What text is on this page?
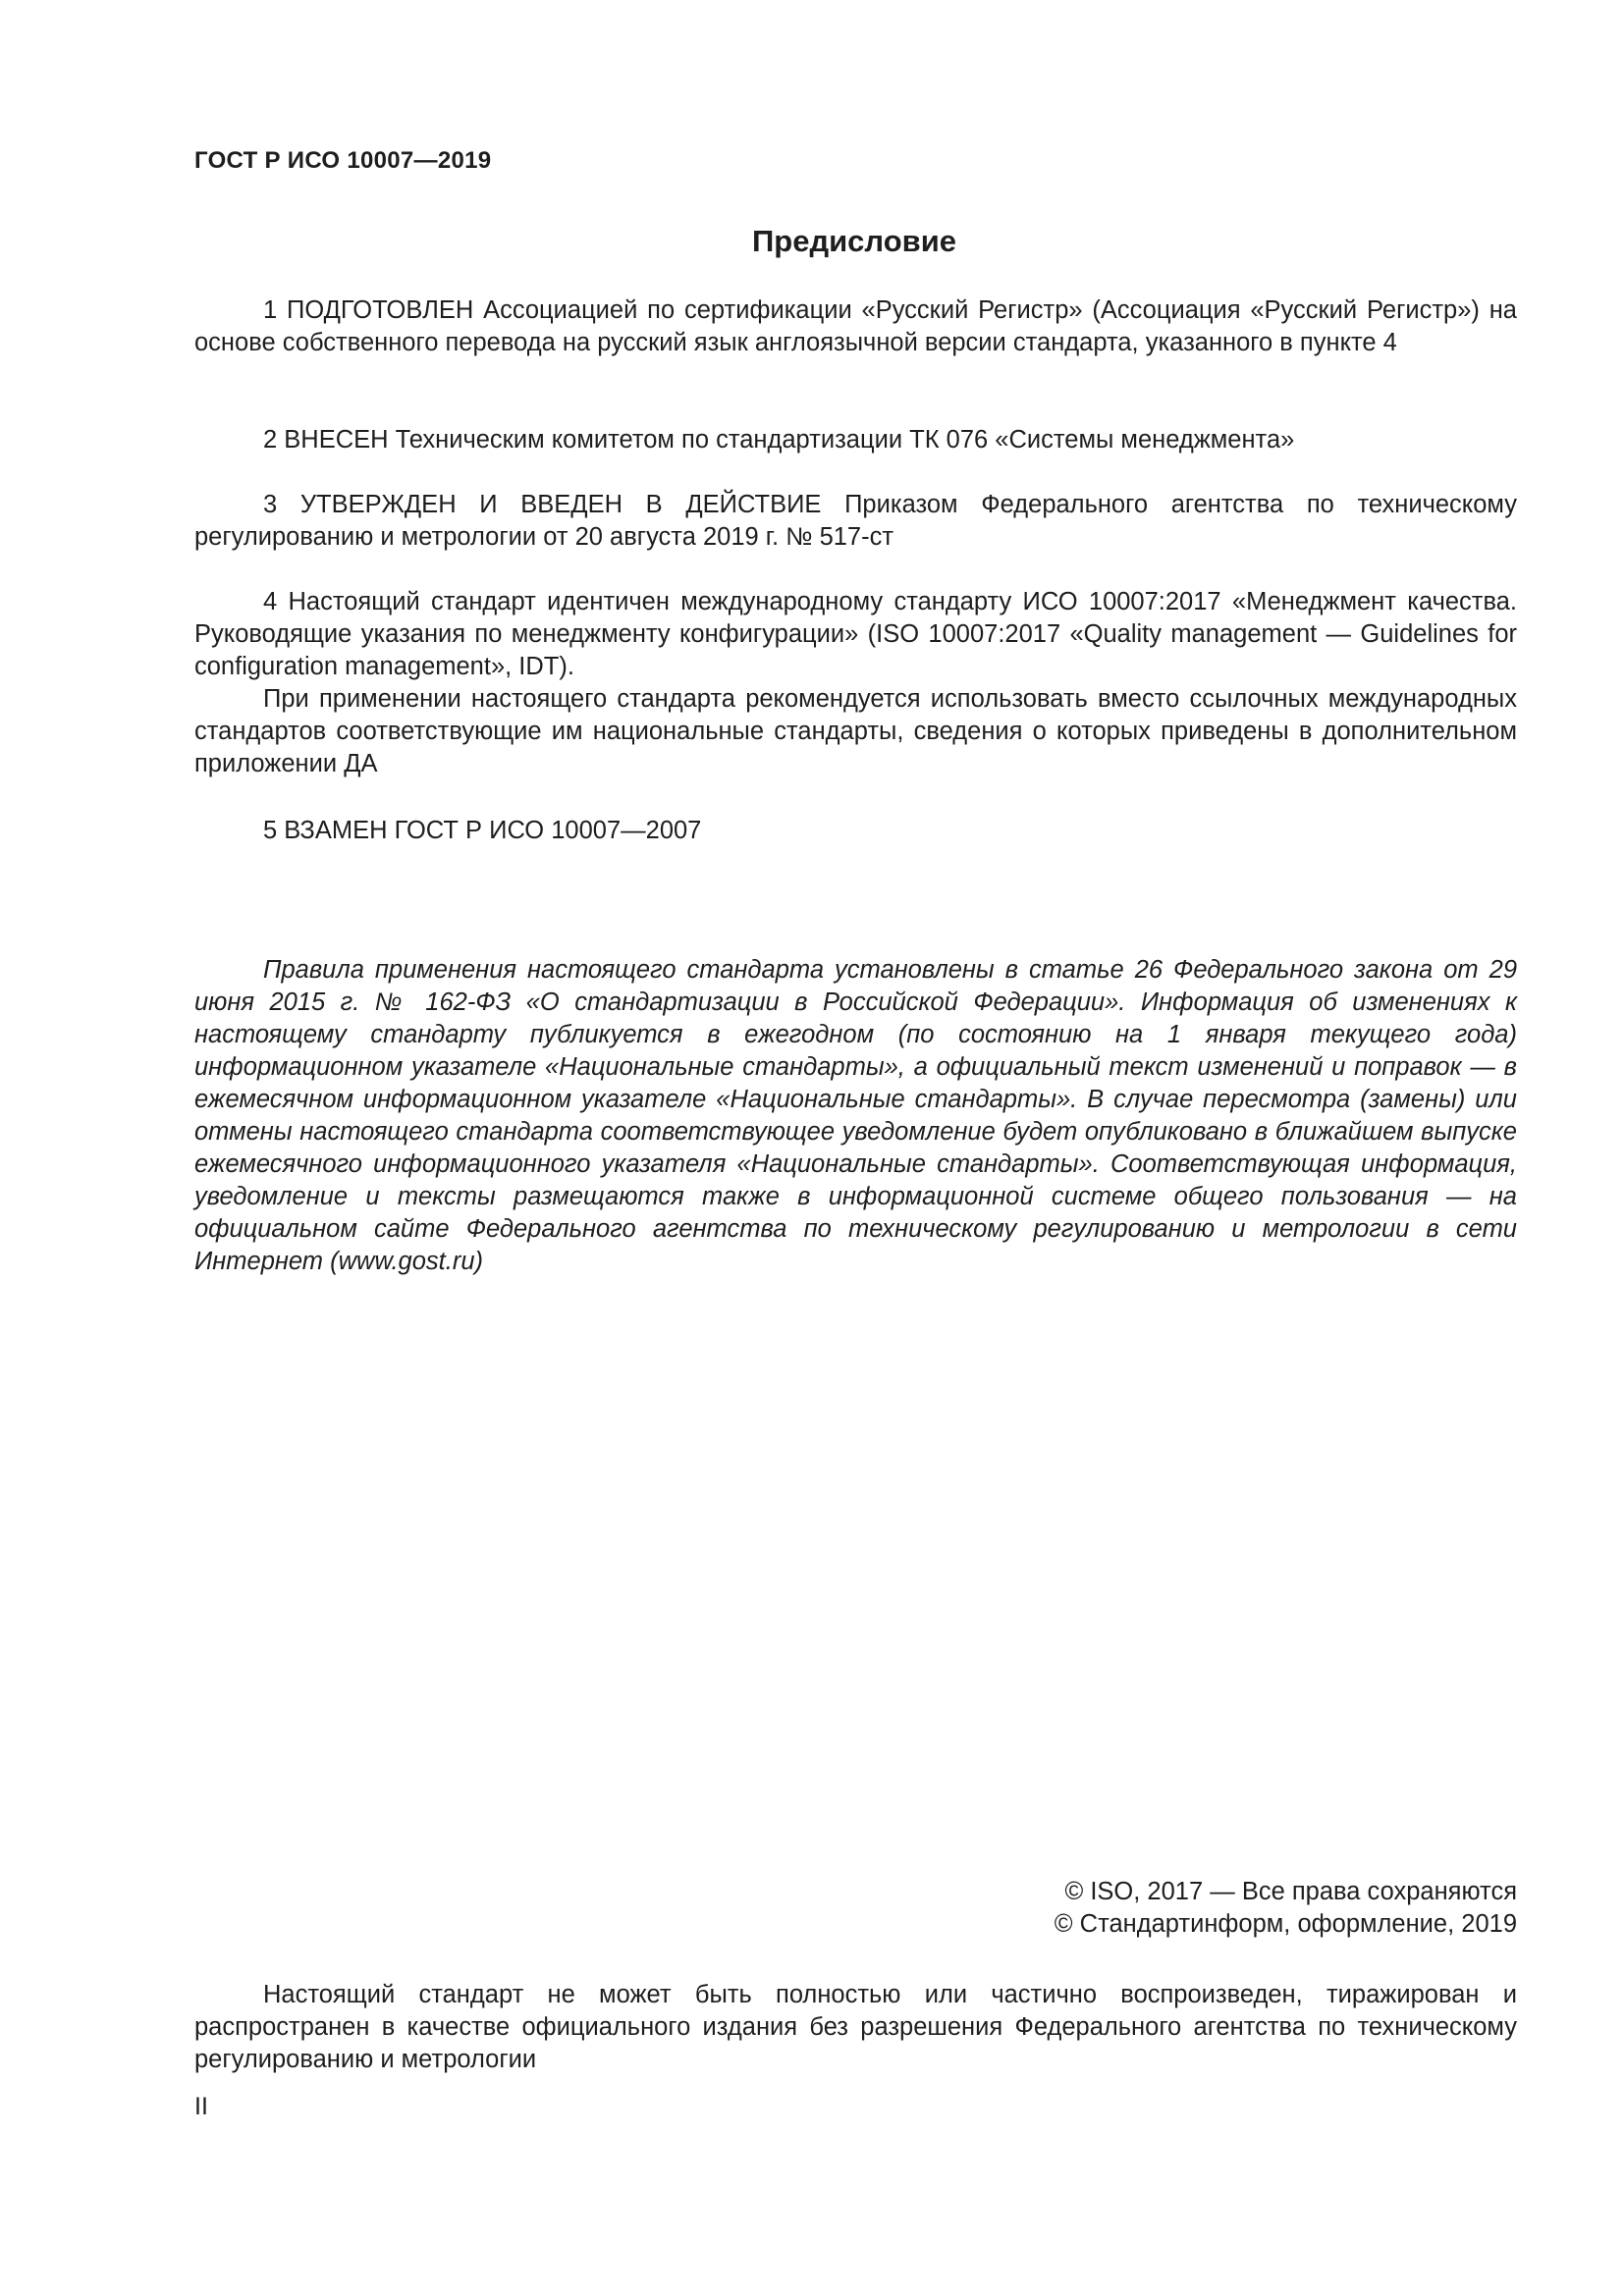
ГОСТ Р ИСО 10007—2019
Предисловие

1 ПОДГОТОВЛЕН Ассоциацией по сертификации «Русский Регистр» (Ассоциация «Русский Регистр») на основе собственного перевода на русский язык англоязычной версии стандарта, указанного в пункте 4

2 ВНЕСЕН Техническим комитетом по стандартизации ТК 076 «Системы менеджмента»

3 УТВЕРЖДЕН И ВВЕДЕН В ДЕЙСТВИЕ Приказом Федерального агентства по техническому регулированию и метрологии от 20 августа 2019 г. № 517-ст

4 Настоящий стандарт идентичен международному стандарту ИСО 10007:2017 «Менеджмент качества. Руководящие указания по менеджменту конфигурации» (ISO 10007:2017 «Quality management — Guidelines for configuration management», IDT).

При применении настоящего стандарта рекомендуется использовать вместо ссылочных международных стандартов соответствующие им национальные стандарты, сведения о которых приведены в дополнительном приложении ДА

5 ВЗАМЕН ГОСТ Р ИСО 10007—2007

Правила применения настоящего стандарта установлены в статье 26 Федерального закона от 29 июня 2015 г. № 162-ФЗ «О стандартизации в Российской Федерации». Информация об изменениях к настоящему стандарту публикуется в ежегодном (по состоянию на 1 января текущего года) информационном указателе «Национальные стандарты», а официальный текст изменений и поправок — в ежемесячном информационном указателе «Национальные стандарты». В случае пересмотра (замены) или отмены настоящего стандарта соответствующее уведомление будет опубликовано в ближайшем выпуске ежемесячного информационного указателя «Национальные стандарты». Соответствующая информация, уведомление и тексты размещаются также в информационной системе общего пользования — на официальном сайте Федерального агентства по техническому регулированию и метрологии в сети Интернет (www.gost.ru)

© ISO, 2017 — Все права сохраняются
© Стандартинформ, оформление, 2019

Настоящий стандарт не может быть полностью или частично воспроизведен, тиражирован и распространен в качестве официального издания без разрешения Федерального агентства по техническому регулированию и метрологии

II
